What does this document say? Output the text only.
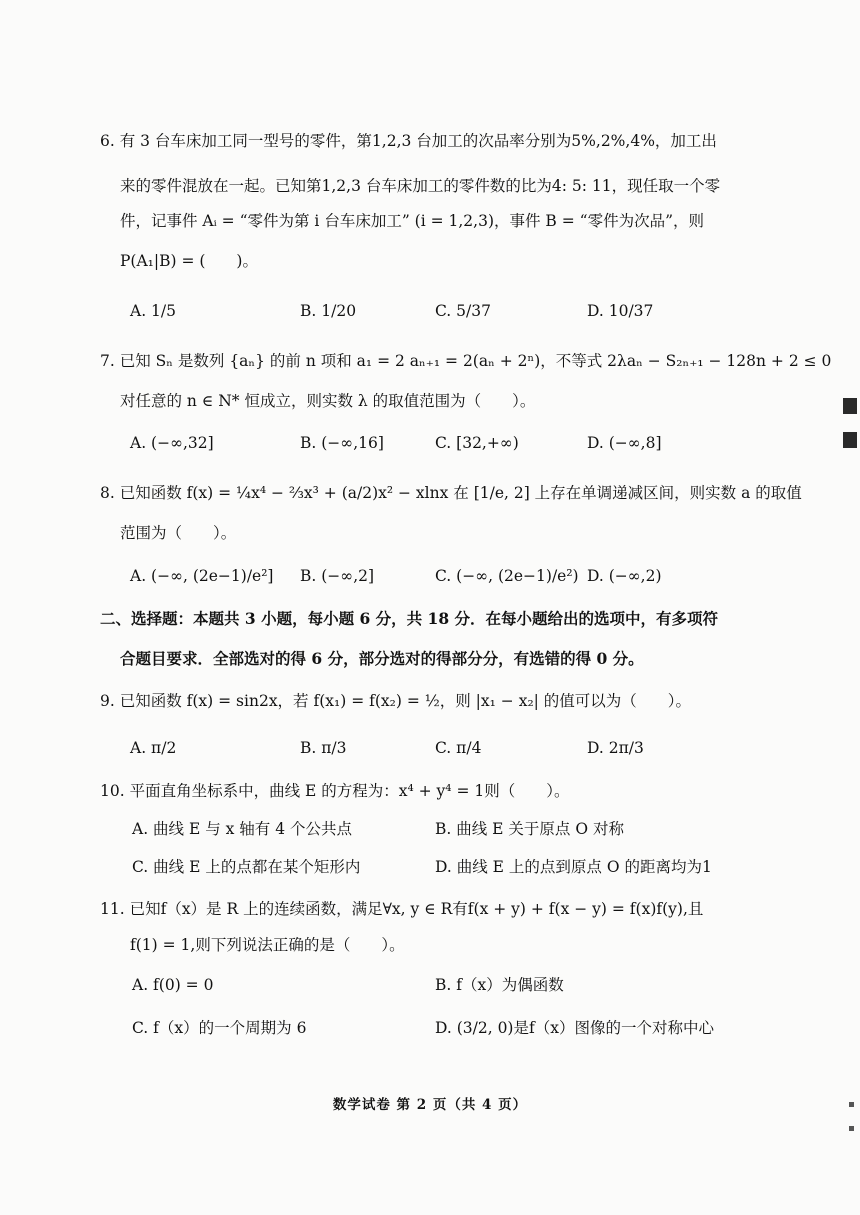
6. 有 3 台车床加工同一型号的零件，第1,2,3 台加工的次品率分别为5%,2%,4%，加工出
来的零件混放在一起。已知第1,2,3 台车床加工的零件数的比为4: 5: 11，现任取一个零
件，记事件 Aᵢ = “零件为第 i 台车床加工” (i = 1,2,3)，事件 B = “零件为次品”，则
P(A₁|B) = (　　)。
A. 1/5	B. 1/20	C. 5/37	D. 10/37
7. 已知 Sₙ 是数列 {aₙ} 的前 n 项和 a₁ = 2 aₙ₊₁ = 2(aₙ + 2ⁿ)，不等式 2λaₙ − S₂ₙ₊₁ − 128n + 2 ≤ 0
对任意的 n ∈ N* 恒成立，则实数 λ 的取值范围为（　　）。
A. (−∞,32]	B. (−∞,16]	C. [32,+∞)	D. (−∞,8]
8. 已知函数 f(x) = ¼x⁴ − ⅔x³ + (a/2)x² − xlnx 在 [1/e, 2] 上存在单调递减区间，则实数 a 的取值
范围为（　　）。
A. (−∞, (2e−1)/e²] B. (−∞,2]	C. (−∞, (2e−1)/e²) D. (−∞,2)
二、选择题：本题共 3 小题，每小题 6 分，共 18 分．在每小题给出的选项中，有多项符
合题目要求．全部选对的得 6 分，部分选对的得部分分，有选错的得 0 分。
9. 已知函数 f(x) = sin2x，若 f(x₁) = f(x₂) = ½，则 |x₁ − x₂| 的值可以为（　　）。
A. π/2	B. π/3	C. π/4	D. 2π/3
10. 平面直角坐标系中，曲线 E 的方程为：x⁴ + y⁴ = 1则（　　）。
A. 曲线 E 与 x 轴有 4 个公共点	B. 曲线 E 关于原点 O 对称
C. 曲线 E 上的点都在某个矩形内	D. 曲线 E 上的点到原点 O 的距离均为1
11. 已知f（x）是 R 上的连续函数，满足∀x, y ∈ R有f(x + y) + f(x − y) = f(x)f(y),且
f(1) = 1,则下列说法正确的是（　　）。
A. f(0) = 0	B. f（x）为偶函数
C. f（x）的一个周期为 6	D. (3/2, 0)是f（x）图像的一个对称中心
数学试卷 第 2 页（共 4 页）
